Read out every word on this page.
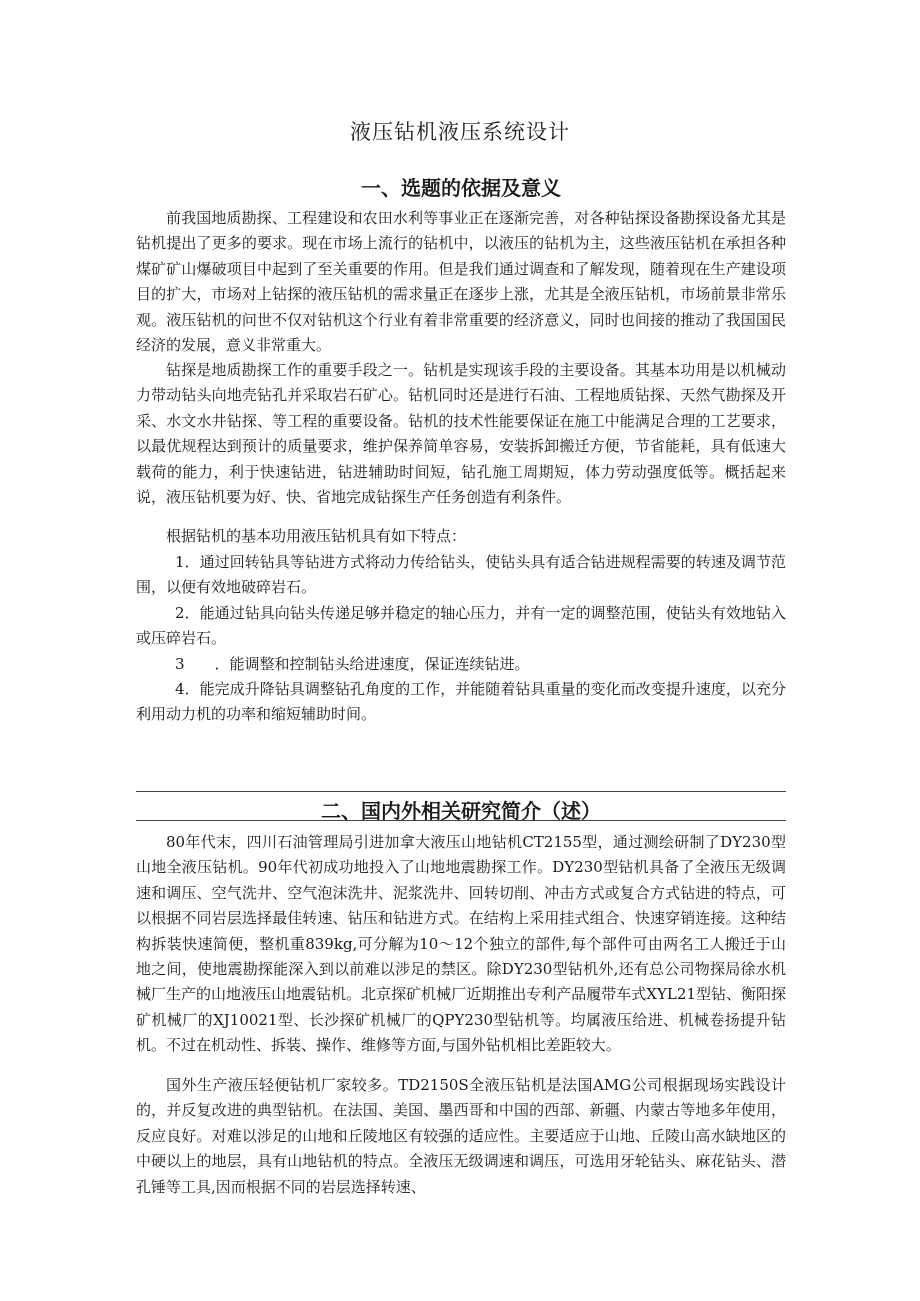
液压钻机液压系统设计
一、选题的依据及意义

前我国地质勘探、工程建设和农田水利等事业正在逐渐完善，对各种钻探设备勘探设备尤其是钻机提出了更多的要求。现在市场上流行的钻机中，以液压的钻机为主，这些液压钻机在承担各种煤矿矿山爆破项目中起到了至关重要的作用。但是我们通过调查和了解发现，随着现在生产建设项目的扩大，市场对上钻探的液压钻机的需求量正在逐步上涨，尤其是全液压钻机，市场前景非常乐观。液压钻机的问世不仅对钻机这个行业有着非常重要的经济意义，同时也间接的推动了我国国民经济的发展，意义非常重大。

钻探是地质勘探工作的重要手段之一。钻机是实现该手段的主要设备。其基本功用是以机械动力带动钻头向地壳钻孔并采取岩石矿心。钻机同时还是进行石油、工程地质钻探、天然气勘探及开采、水文水井钻探、等工程的重要设备。钻机的技术性能要保证在施工中能满足合理的工艺要求，以最优规程达到预计的质量要求，维护保养简单容易，安装拆卸搬迁方便，节省能耗，具有低速大载荷的能力，利于快速钻进，钻进辅助时间短，钻孔施工周期短，体力劳动强度低等。概括起来说，液压钻机要为好、快、省地完成钻探生产任务创造有利条件。

根据钻机的基本功用液压钻机具有如下特点：

1．通过回转钻具等钻进方式将动力传给钻头，使钻头具有适合钻进规程需要的转速及调节范围，以便有效地破碎岩石。

2．能通过钻具向钻头传递足够并稳定的轴心压力，并有一定的调整范围，使钻头有效地钻入或压碎岩石。

3　　．能调整和控制钻头给进速度，保证连续钻进。

4．能完成升降钻具调整钻孔角度的工作，并能随着钻具重量的变化而改变提升速度，以充分利用动力机的功率和缩短辅助时间。

二、国内外相关研究简介（述）

80年代末，四川石油管理局引进加拿大液压山地钻机CT2155型，通过测绘研制了DY230型山地全液压钻机。90年代初成功地投入了山地地震勘探工作。DY230型钻机具备了全液压无级调速和调压、空气洗井、空气泡沫洗井、泥浆洗井、回转切削、冲击方式或复合方式钻进的特点，可以根据不同岩层选择最佳转速、钻压和钻进方式。在结构上采用挂式组合、快速穿销连接。这种结构拆装快速简便，整机重839kg,可分解为10～12个独立的部件,每个部件可由两名工人搬迁于山地之间，使地震勘探能深入到以前难以涉足的禁区。除DY230型钻机外,还有总公司物探局徐水机械厂生产的山地液压山地震钻机。北京探矿机械厂近期推出专利产品履带车式XYL21型钻、衡阳探矿机械厂的XJ10021型、长沙探矿机械厂的QPY230型钻机等。均属液压给进、机械卷扬提升钻机。不过在机动性、拆装、操作、维修等方面,与国外钻机相比差距较大。

国外生产液压轻便钻机厂家较多。TD2150S全液压钻机是法国AMG公司根据现场实践设计的，并反复改进的典型钻机。在法国、美国、墨西哥和中国的西部、新疆、内蒙古等地多年使用，反应良好。对难以涉足的山地和丘陵地区有较强的适应性。主要适应于山地、丘陵山高水缺地区的中硬以上的地层，具有山地钻机的特点。全液压无级调速和调压，可选用牙轮钻头、麻花钻头、潜孔锤等工具,因而根据不同的岩层选择转速、
